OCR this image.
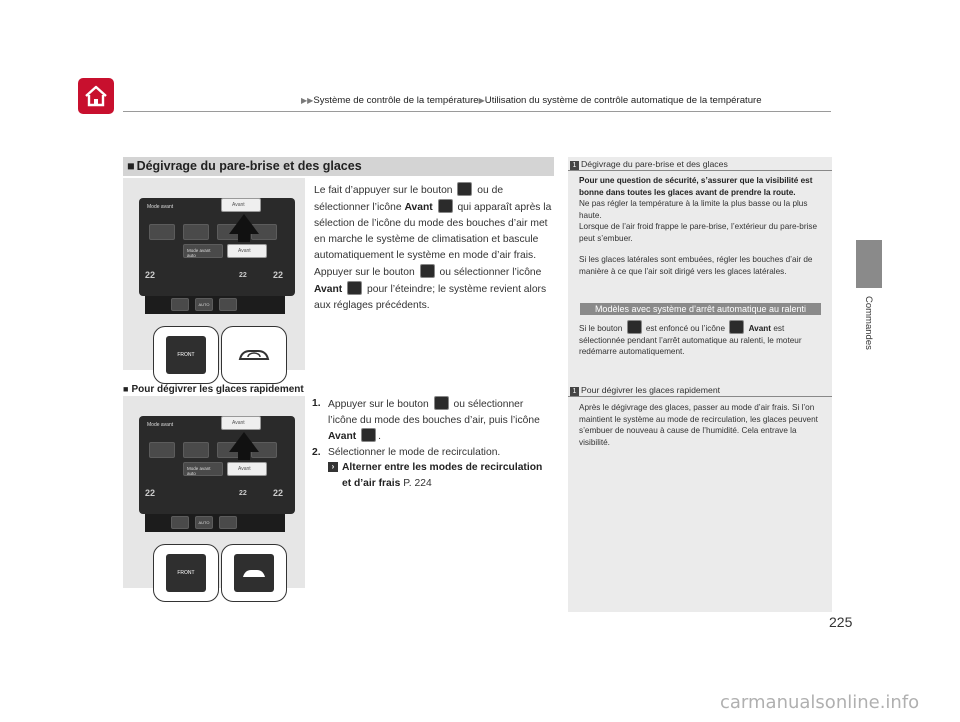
▶▶Système de contrôle de la température▶Utilisation du système de contrôle automatique de la température
Commandes
■ Dégivrage du pare-brise et des glaces
Mode avant
Mode avant auto
Avant
22	22	22
Avant
AUTO
FRONT
Le fait d’appuyer sur le bouton ou de sélectionner l’icône Avant qui apparaît après la sélection de l’icône du mode des bouches d’air met en marche le système de climatisation et bascule automatiquement le système en mode d’air frais.
Appuyer sur le bouton ou sélectionner l’icône Avant pour l’éteindre; le système revient alors aux réglages précédents.
■ Pour dégivrer les glaces rapidement
Mode avant
Mode avant auto
Avant
22	22	22
Avant
AUTO
FRONT
1. Appuyer sur le bouton ou sélectionner l’icône du mode des bouches d’air, puis l’icône Avant .
2. Sélectionner le mode de recirculation.
› Alterner entre les modes de recirculation et d’air frais P. 224
1 Dégivrage du pare-brise et des glaces

Pour une question de sécurité, s’assurer que la visibilité est bonne dans toutes les glaces avant de prendre la route.
Ne pas régler la température à la limite la plus basse ou la plus haute.
Lorsque de l’air froid frappe le pare-brise, l’extérieur du pare-brise peut s’embuer.

Si les glaces latérales sont embuées, régler les bouches d’air de manière à ce que l’air soit dirigé vers les glaces latérales.

Modèles avec système d’arrêt automatique au ralenti
Si le bouton	est enfoncé ou l’icône	Avant est sélectionnée pendant l’arrêt automatique au ralenti, le moteur redémarre automatiquement.
1 Pour dégivrer les glaces rapidement
Après le dégivrage des glaces, passer au mode d’air frais. Si l’on maintient le système au mode de recirculation, les glaces peuvent s’embuer de nouveau à cause de l’humidité. Cela entrave la visibilité.
225
carmanualsonline.info
